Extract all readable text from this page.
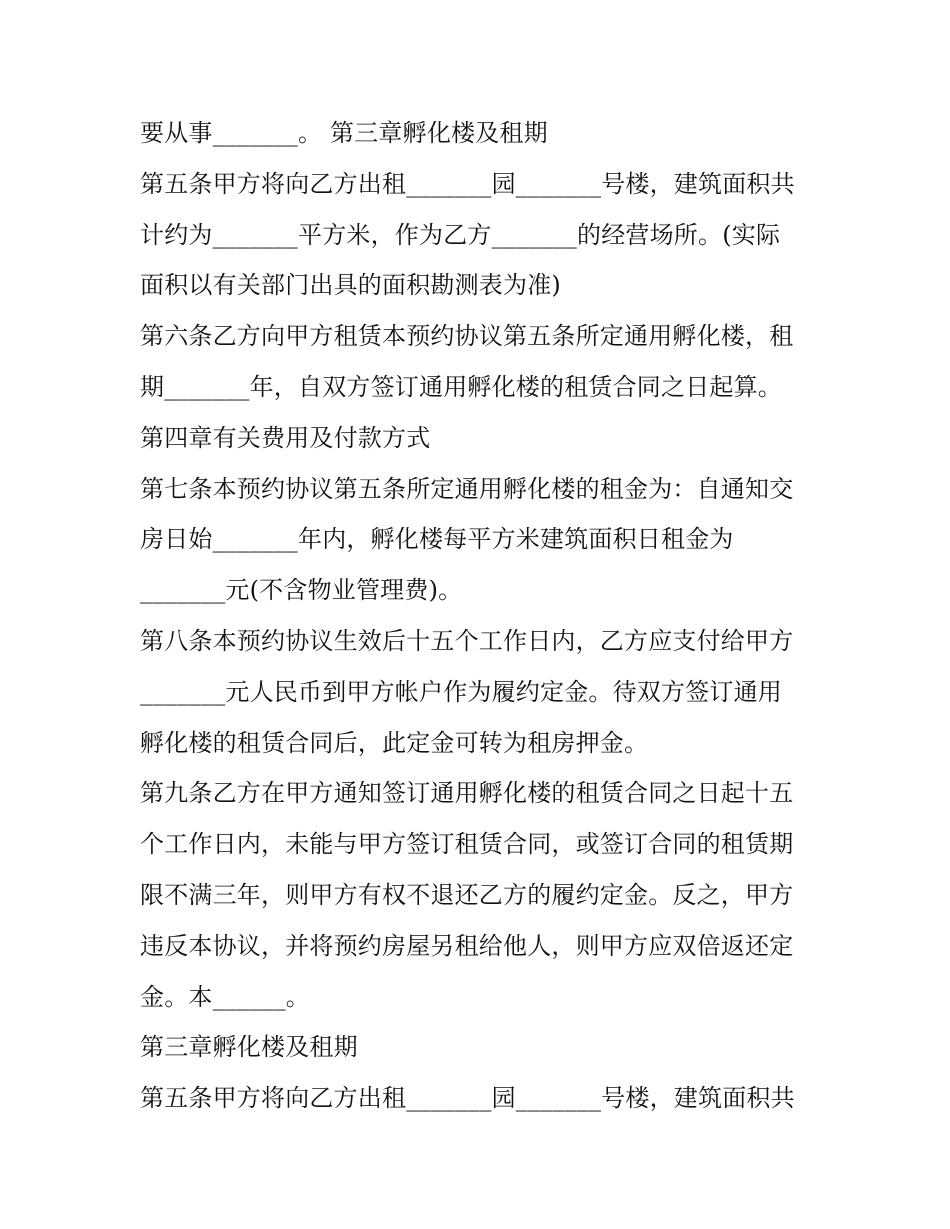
要从事_______。 第三章孵化楼及租期
第五条甲方将向乙方出租_______园_______号楼，建筑面积共
计约为_______平方米，作为乙方_______的经营场所。(实际
面积以有关部门出具的面积勘测表为准)
第六条乙方向甲方租赁本预约协议第五条所定通用孵化楼，租
期_______年，自双方签订通用孵化楼的租赁合同之日起算。
第四章有关费用及付款方式
第七条本预约协议第五条所定通用孵化楼的租金为：自通知交
房日始_______年内，孵化楼每平方米建筑面积日租金为
_______元(不含物业管理费)。
第八条本预约协议生效后十五个工作日内，乙方应支付给甲方
_______元人民币到甲方帐户作为履约定金。待双方签订通用
孵化楼的租赁合同后，此定金可转为租房押金。
第九条乙方在甲方通知签订通用孵化楼的租赁合同之日起十五
个工作日内，未能与甲方签订租赁合同，或签订合同的租赁期
限不满三年，则甲方有权不退还乙方的履约定金。反之，甲方
违反本协议，并将预约房屋另租给他人，则甲方应双倍返还定
金。本______。
第三章孵化楼及租期
第五条甲方将向乙方出租_______园_______号楼，建筑面积共
